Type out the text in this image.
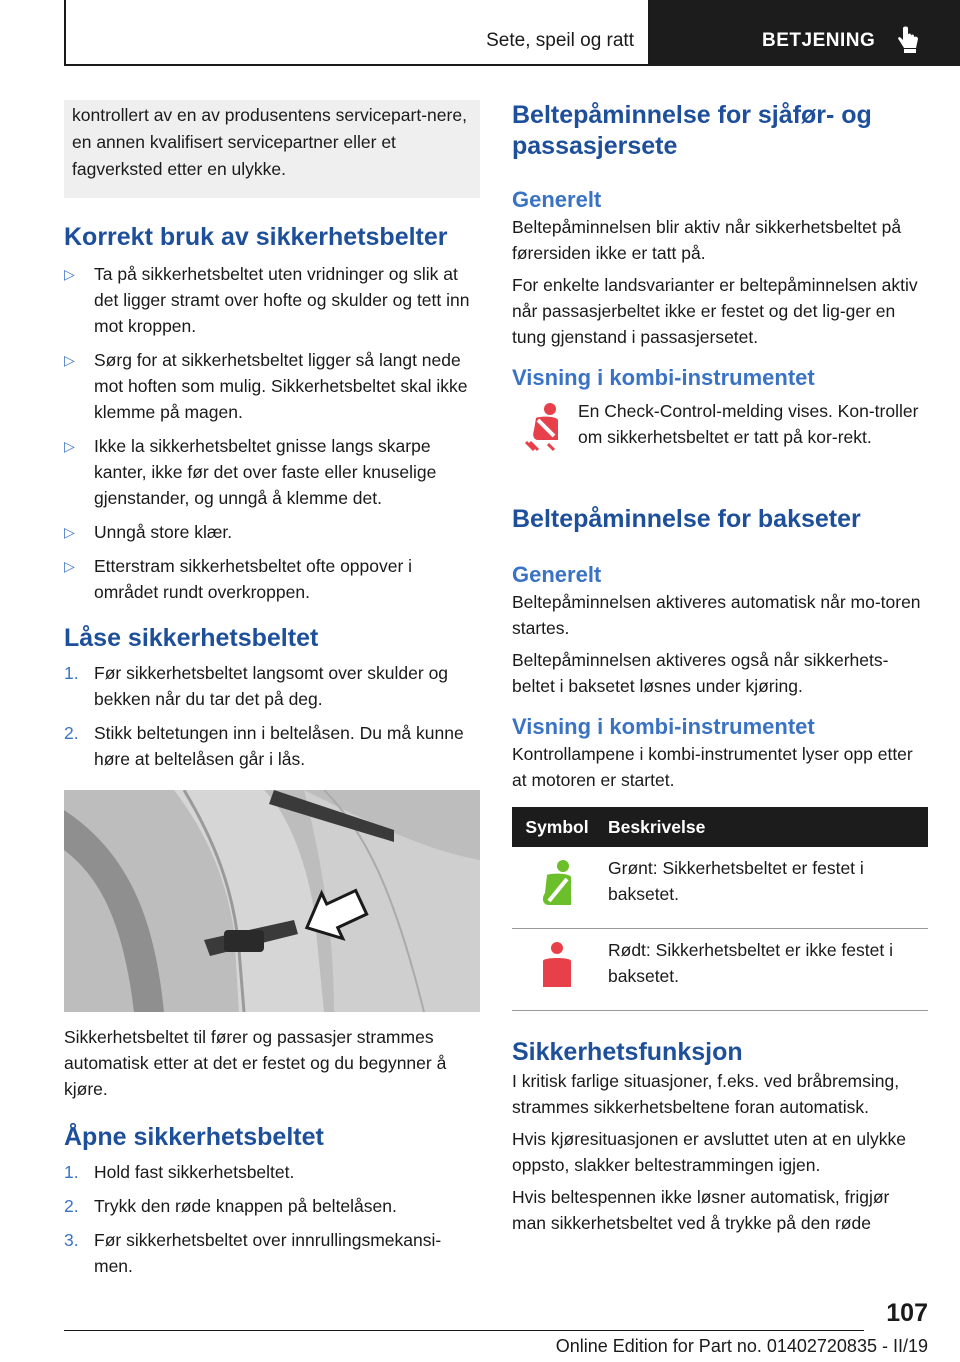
Sete, speil og ratt	BETJENING
kontrollert av en av produsentens servicepart-nere, en annen kvalifisert servicepartner eller et fagverksted etter en ulykke.
Korrekt bruk av sikkerhetsbelter
▷ Ta på sikkerhetsbeltet uten vridninger og slik at det ligger stramt over hofte og skulder og tett inn mot kroppen.
▷ Sørg for at sikkerhetsbeltet ligger så langt nede mot hoften som mulig. Sikkerhetsbeltet skal ikke klemme på magen.
▷ Ikke la sikkerhetsbeltet gnisse langs skarpe kanter, ikke før det over faste eller knuselige gjenstander, og unngå å klemme det.
▷ Unngå store klær.
▷ Etterstram sikkerhetsbeltet ofte oppover i området rundt overkroppen.
Låse sikkerhetsbeltet
1. Før sikkerhetsbeltet langsomt over skulder og bekken når du tar det på deg.
2. Stikk beltetungen inn i beltelåsen. Du må kunne høre at beltelåsen går i lås.

Sikkerhetsbeltet til fører og passasjer strammes automatisk etter at det er festet og du begynner å kjøre.

Åpne sikkerhetsbeltet
1. Hold fast sikkerhetsbeltet.
2. Trykk den røde knappen på beltelåsen.
3. Før sikkerhetsbeltet over innrullingsmekansi-men.
Beltepåminnelse for sjåfør- og passasjersete
Generelt

Beltepåminnelsen blir aktiv når sikkerhetsbeltet på førersiden ikke er tatt på.

For enkelte landsvarianter er beltepåminnelsen aktiv når passasjerbeltet ikke er festet og det lig-ger en tung gjenstand i passasjersetet.

Visning i kombi-instrumentet

En Check-Control-melding vises. Kon-troller om sikkerhetsbeltet er tatt på kor-rekt.

Beltepåminnelse for bakseter
Generelt

Beltepåminnelsen aktiveres automatisk når mo-toren startes.

Beltepåminnelsen aktiveres også når sikkerhets-beltet i baksetet løsnes under kjøring.

Visning i kombi-instrumentet

Kontrollampene i kombi-instrumentet lyser opp etter at motoren er startet.

Symbol	Beskrivelse
	Grønt: Sikkerhetsbeltet er festet i baksetet.
	Rødt: Sikkerhetsbeltet er ikke festet i baksetet.
Sikkerhetsfunksjon

I kritisk farlige situasjoner, f.eks. ved bråbremsing, strammes sikkerhetsbeltene foran automatisk.

Hvis kjøresituasjonen er avsluttet uten at en ulykke oppsto, slakker beltestrammingen igjen.

Hvis beltespennen ikke løsner automatisk, frigjør man sikkerhetsbeltet ved å trykke på den røde

107
Online Edition for Part no. 01402720835 - II/19
